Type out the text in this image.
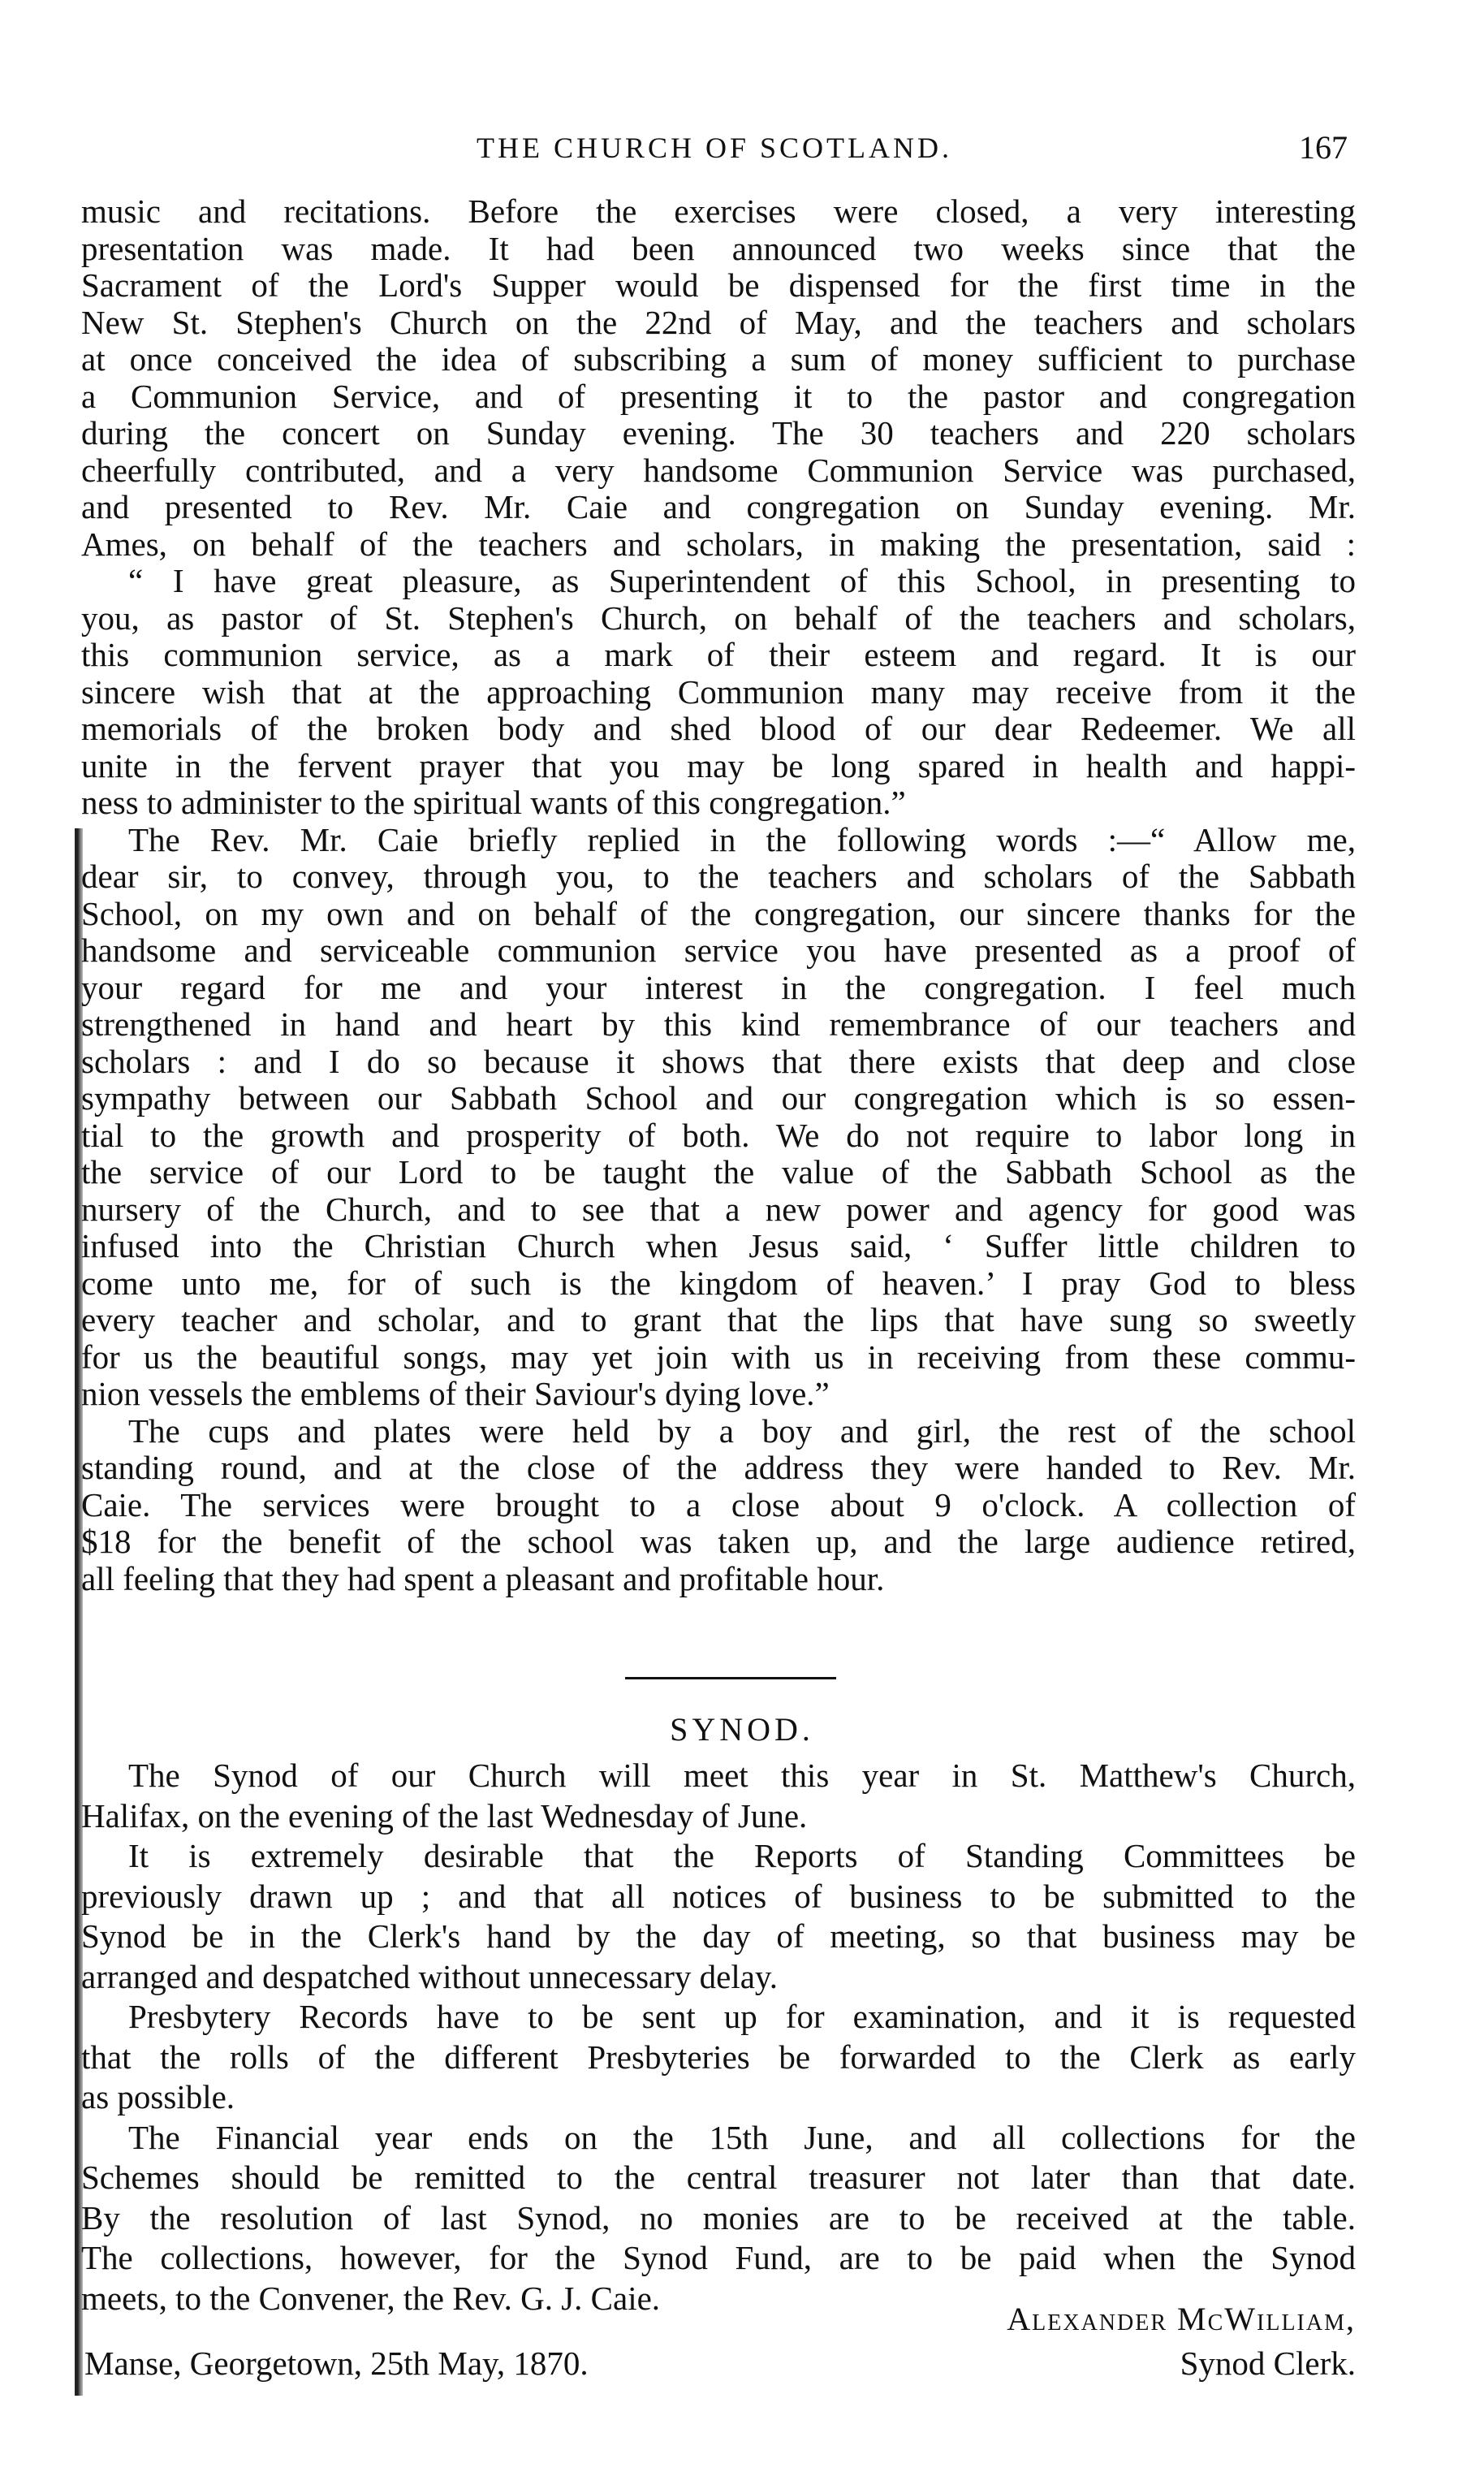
THE CHURCH OF SCOTLAND.	167
music and recitations. Before the exercises were closed, a very interesting
presentation was made. It had been announced two weeks since that the
Sacrament of the Lord's Supper would be dispensed for the first time in the
New St. Stephen's Church on the 22nd of May, and the teachers and scholars
at once conceived the idea of subscribing a sum of money sufficient to purchase
a Communion Service, and of presenting it to the pastor and congregation
during the concert on Sunday evening. The 30 teachers and 220 scholars
cheerfully contributed, and a very handsome Communion Service was purchased,
and presented to Rev. Mr. Caie and congregation on Sunday evening. Mr.
Ames, on behalf of the teachers and scholars, in making the presentation, said :
“ I have great pleasure, as Superintendent of this School, in presenting to
you, as pastor of St. Stephen's Church, on behalf of the teachers and scholars,
this communion service, as a mark of their esteem and regard. It is our
sincere wish that at the approaching Communion many may receive from it the
memorials of the broken body and shed blood of our dear Redeemer. We all
unite in the fervent prayer that you may be long spared in health and happi-
ness to administer to the spiritual wants of this congregation.”
The Rev. Mr. Caie briefly replied in the following words :—“ Allow me,
dear sir, to convey, through you, to the teachers and scholars of the Sabbath
School, on my own and on behalf of the congregation, our sincere thanks for the
handsome and serviceable communion service you have presented as a proof of
your regard for me and your interest in the congregation. I feel much
strengthened in hand and heart by this kind remembrance of our teachers and
scholars : and I do so because it shows that there exists that deep and close
sympathy between our Sabbath School and our congregation which is so essen-
tial to the growth and prosperity of both. We do not require to labor long in
the service of our Lord to be taught the value of the Sabbath School as the
nursery of the Church, and to see that a new power and agency for good was
infused into the Christian Church when Jesus said, ‘ Suffer little children to
come unto me, for of such is the kingdom of heaven.’ I pray God to bless
every teacher and scholar, and to grant that the lips that have sung so sweetly
for us the beautiful songs, may yet join with us in receiving from these commu-
nion vessels the emblems of their Saviour's dying love.”
The cups and plates were held by a boy and girl, the rest of the school
standing round, and at the close of the address they were handed to Rev. Mr.
Caie. The services were brought to a close about 9 o'clock. A collection of
$18 for the benefit of the school was taken up, and the large audience retired,
all feeling that they had spent a pleasant and profitable hour.
SYNOD.
The Synod of our Church will meet this year in St. Matthew's Church,
Halifax, on the evening of the last Wednesday of June.
It is extremely desirable that the Reports of Standing Committees be
previously drawn up ; and that all notices of business to be submitted to the
Synod be in the Clerk's hand by the day of meeting, so that business may be
arranged and despatched without unnecessary delay.
Presbytery Records have to be sent up for examination, and it is requested
that the rolls of the different Presbyteries be forwarded to the Clerk as early
as possible.
The Financial year ends on the 15th June, and all collections for the
Schemes should be remitted to the central treasurer not later than that date.
By the resolution of last Synod, no monies are to be received at the table.
The collections, however, for the Synod Fund, are to be paid when the Synod
meets, to the Convener, the Rev. G. J. Caie.
Alexander McWilliam,
Manse, Georgetown, 25th May, 1870.	Synod Clerk.
